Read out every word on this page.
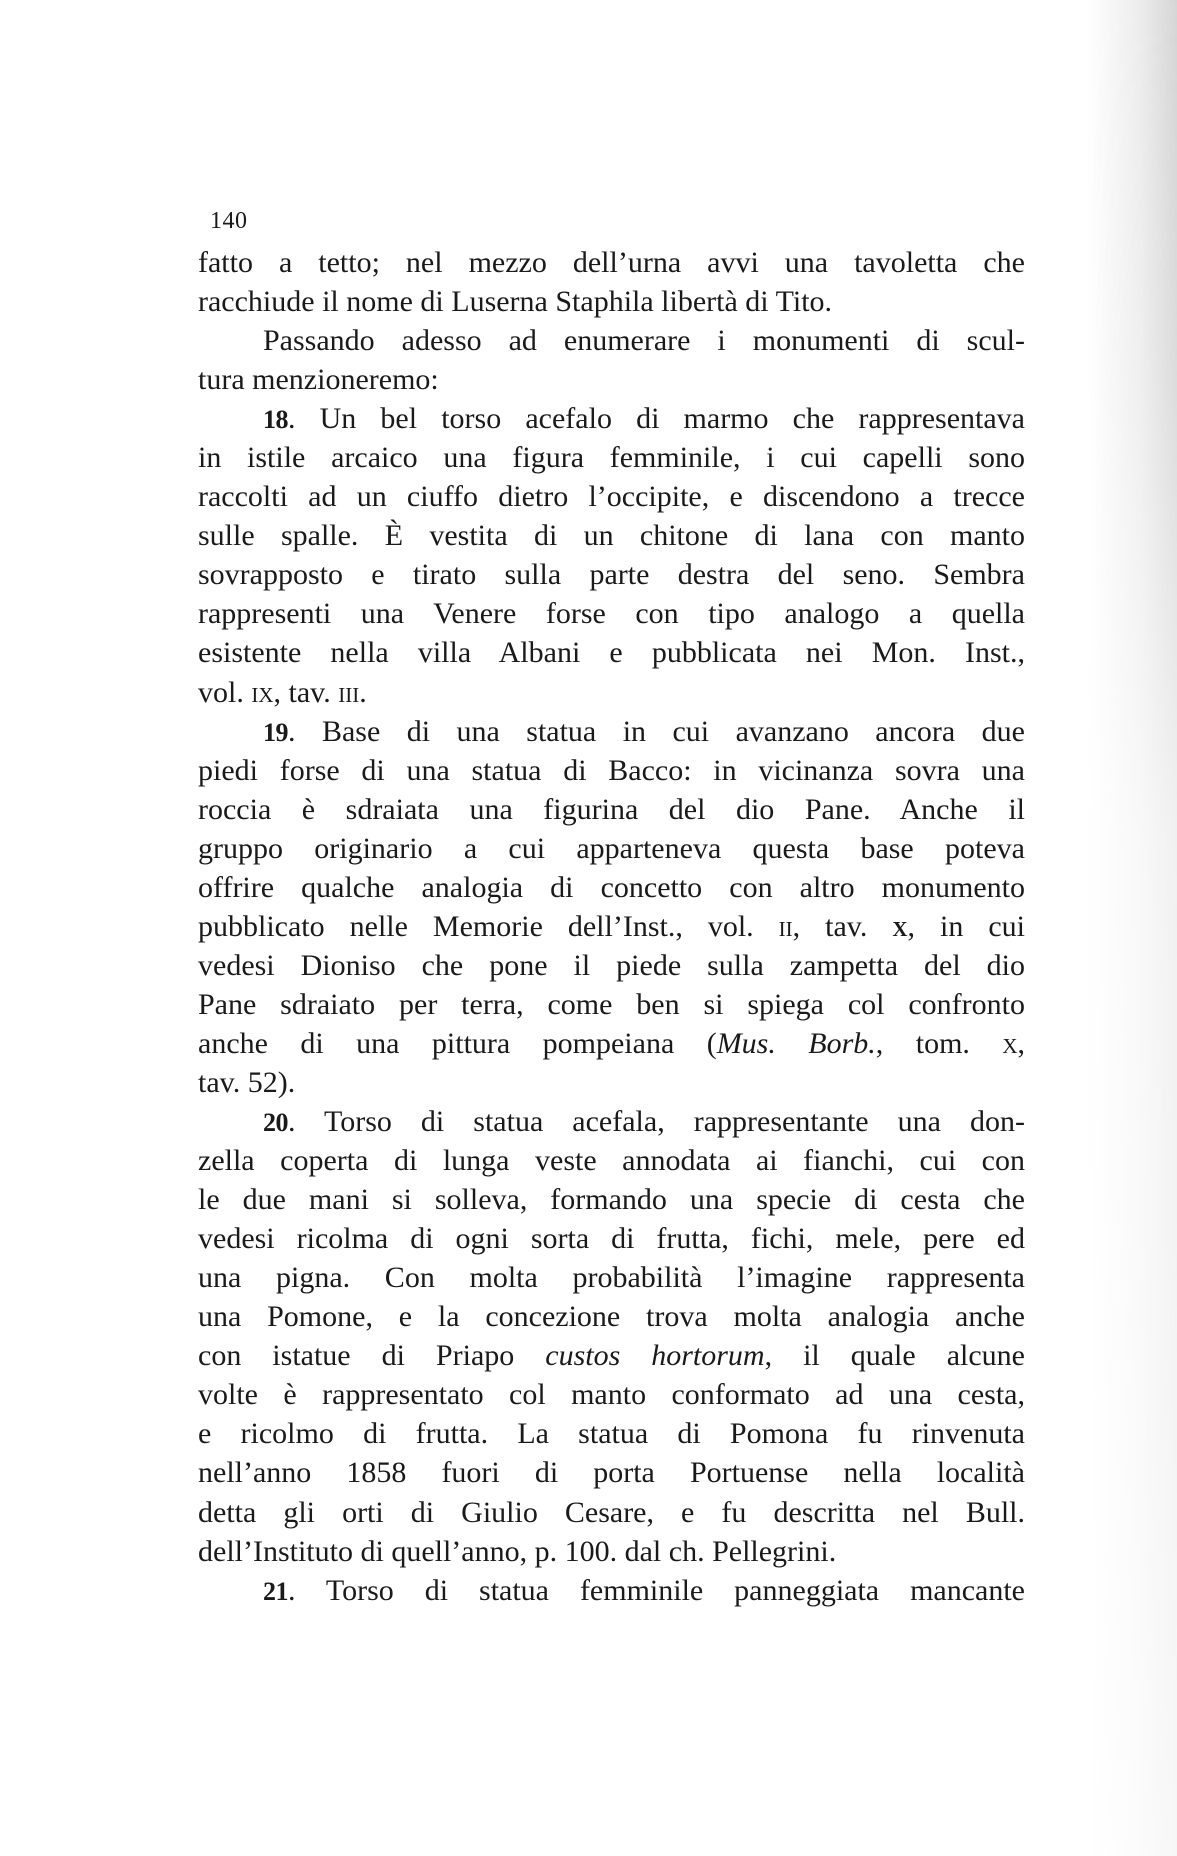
140
fatto a tetto; nel mezzo dell’urna avvi una tavoletta che
racchiude il nome di Luserna Staphila libertà di Tito.
Passando adesso ad enumerare i monumenti di scul-
tura menzioneremo:
18. Un bel torso acefalo di marmo che rappresentava
in istile arcaico una figura femminile, i cui capelli sono
raccolti ad un ciuffo dietro l’occipite, e discendono a trecce
sulle spalle. È vestita di un chitone di lana con manto
sovrapposto e tirato sulla parte destra del seno. Sembra
rappresenti una Venere forse con tipo analogo a quella
esistente nella villa Albani e pubblicata nei Mon. Inst.,
vol. ix, tav. iii.
19. Base di una statua in cui avanzano ancora due
piedi forse di una statua di Bacco: in vicinanza sovra una
roccia è sdraiata una figurina del dio Pane. Anche il
gruppo originario a cui apparteneva questa base poteva
offrire qualche analogia di concetto con altro monumento
pubblicato nelle Memorie dell’Inst., vol. ii, tav. x, in cui
vedesi Dioniso che pone il piede sulla zampetta del dio
Pane sdraiato per terra, come ben si spiega col confronto
anche di una pittura pompeiana (Mus. Borb., tom. x,
tav. 52).
20. Torso di statua acefala, rappresentante una don-
zella coperta di lunga veste annodata ai fianchi, cui con
le due mani si solleva, formando una specie di cesta che
vedesi ricolma di ogni sorta di frutta, fichi, mele, pere ed
una pigna. Con molta probabilità l’imagine rappresenta
una Pomone, e la concezione trova molta analogia anche
con istatue di Priapo custos hortorum, il quale alcune
volte è rappresentato col manto conformato ad una cesta,
e ricolmo di frutta. La statua di Pomona fu rinvenuta
nell’anno 1858 fuori di porta Portuense nella località
detta gli orti di Giulio Cesare, e fu descritta nel Bull.
dell’Instituto di quell’anno, p. 100. dal ch. Pellegrini.
21. Torso di statua femminile panneggiata mancante
